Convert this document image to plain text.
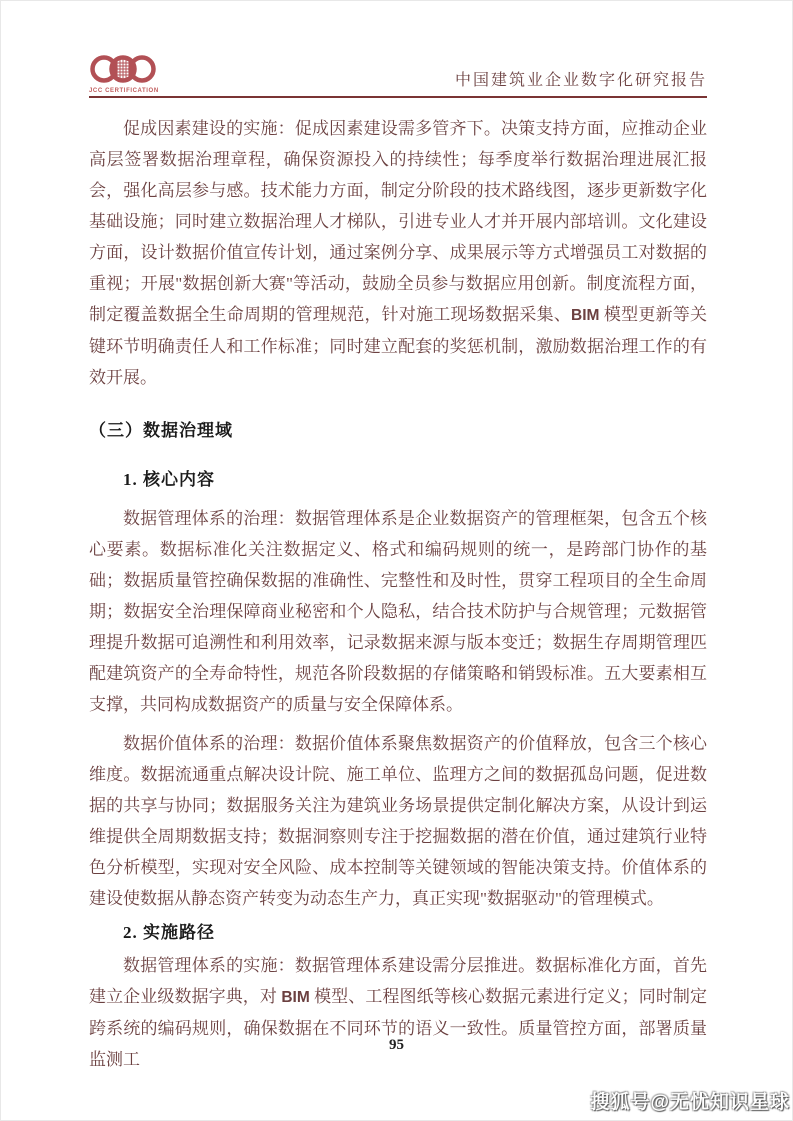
JCC CERTIFICATION
中国建筑业企业数字化研究报告

促成因素建设的实施：促成因素建设需多管齐下。决策支持方面，应推动企业高层签署数据治理章程，确保资源投入的持续性；每季度举行数据治理进展汇报会，强化高层参与感。技术能力方面，制定分阶段的技术路线图，逐步更新数字化基础设施；同时建立数据治理人才梯队，引进专业人才并开展内部培训。文化建设方面，设计数据价值宣传计划，通过案例分享、成果展示等方式增强员工对数据的重视；开展"数据创新大赛"等活动，鼓励全员参与数据应用创新。制度流程方面，制定覆盖数据全生命周期的管理规范，针对施工现场数据采集、BIM 模型更新等关键环节明确责任人和工作标准；同时建立配套的奖惩机制，激励数据治理工作的有效开展。

（三）数据治理域
1. 核心内容

数据管理体系的治理：数据管理体系是企业数据资产的管理框架，包含五个核心要素。数据标准化关注数据定义、格式和编码规则的统一，是跨部门协作的基础；数据质量管控确保数据的准确性、完整性和及时性，贯穿工程项目的全生命周期；数据安全治理保障商业秘密和个人隐私，结合技术防护与合规管理；元数据管理提升数据可追溯性和利用效率，记录数据来源与版本变迁；数据生存周期管理匹配建筑资产的全寿命特性，规范各阶段数据的存储策略和销毁标准。五大要素相互支撑，共同构成数据资产的质量与安全保障体系。

数据价值体系的治理：数据价值体系聚焦数据资产的价值释放，包含三个核心维度。数据流通重点解决设计院、施工单位、监理方之间的数据孤岛问题，促进数据的共享与协同；数据服务关注为建筑业务场景提供定制化解决方案，从设计到运维提供全周期数据支持；数据洞察则专注于挖掘数据的潜在价值，通过建筑行业特色分析模型，实现对安全风险、成本控制等关键领域的智能决策支持。价值体系的建设使数据从静态资产转变为动态生产力，真正实现"数据驱动"的管理模式。

2. 实施路径

数据管理体系的实施：数据管理体系建设需分层推进。数据标准化方面，首先建立企业级数据字典，对 BIM 模型、工程图纸等核心数据元素进行定义；同时制定跨系统的编码规则，确保数据在不同环节的语义一致性。质量管控方面，部署质量监测工

95
搜狐号@无忧知识星球
